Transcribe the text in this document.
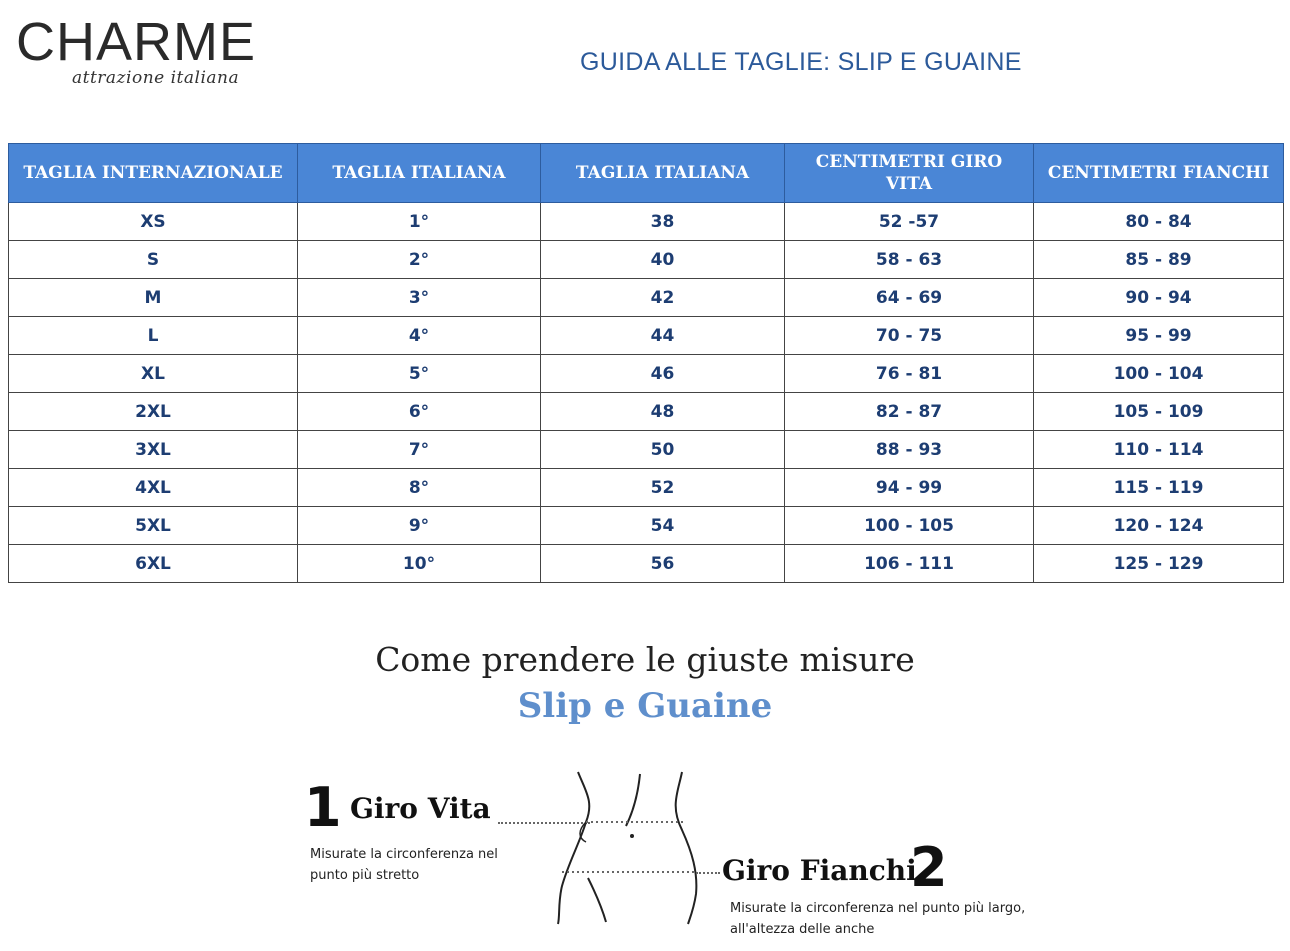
CHARME
attrazione italiana
GUIDA ALLE TAGLIE: SLIP E GUAINE
TAGLIA INTERNAZIONALE	TAGLIA ITALIANA	TAGLIA ITALIANA	CENTIMETRI GIRO VITA	CENTIMETRI FIANCHI
XS	1°	38	52 -57	80 - 84
S	2°	40	58 - 63	85 - 89
M	3°	42	64 - 69	90 - 94
L	4°	44	70 - 75	95 - 99
XL	5°	46	76 - 81	100 - 104
2XL	6°	48	82 - 87	105 - 109
3XL	7°	50	88 - 93	110 - 114
4XL	8°	52	94 - 99	115 - 119
5XL	9°	54	100 - 105	120 - 124
6XL	10°	56	106 - 111	125 - 129
Come prendere le giuste misure
Slip e Guaine
1 Giro Vita
Misurate la circonferenza nel
punto più stretto	Giro Fianchi
2
Misurate la circonferenza nel punto più largo,
all'altezza delle anche
